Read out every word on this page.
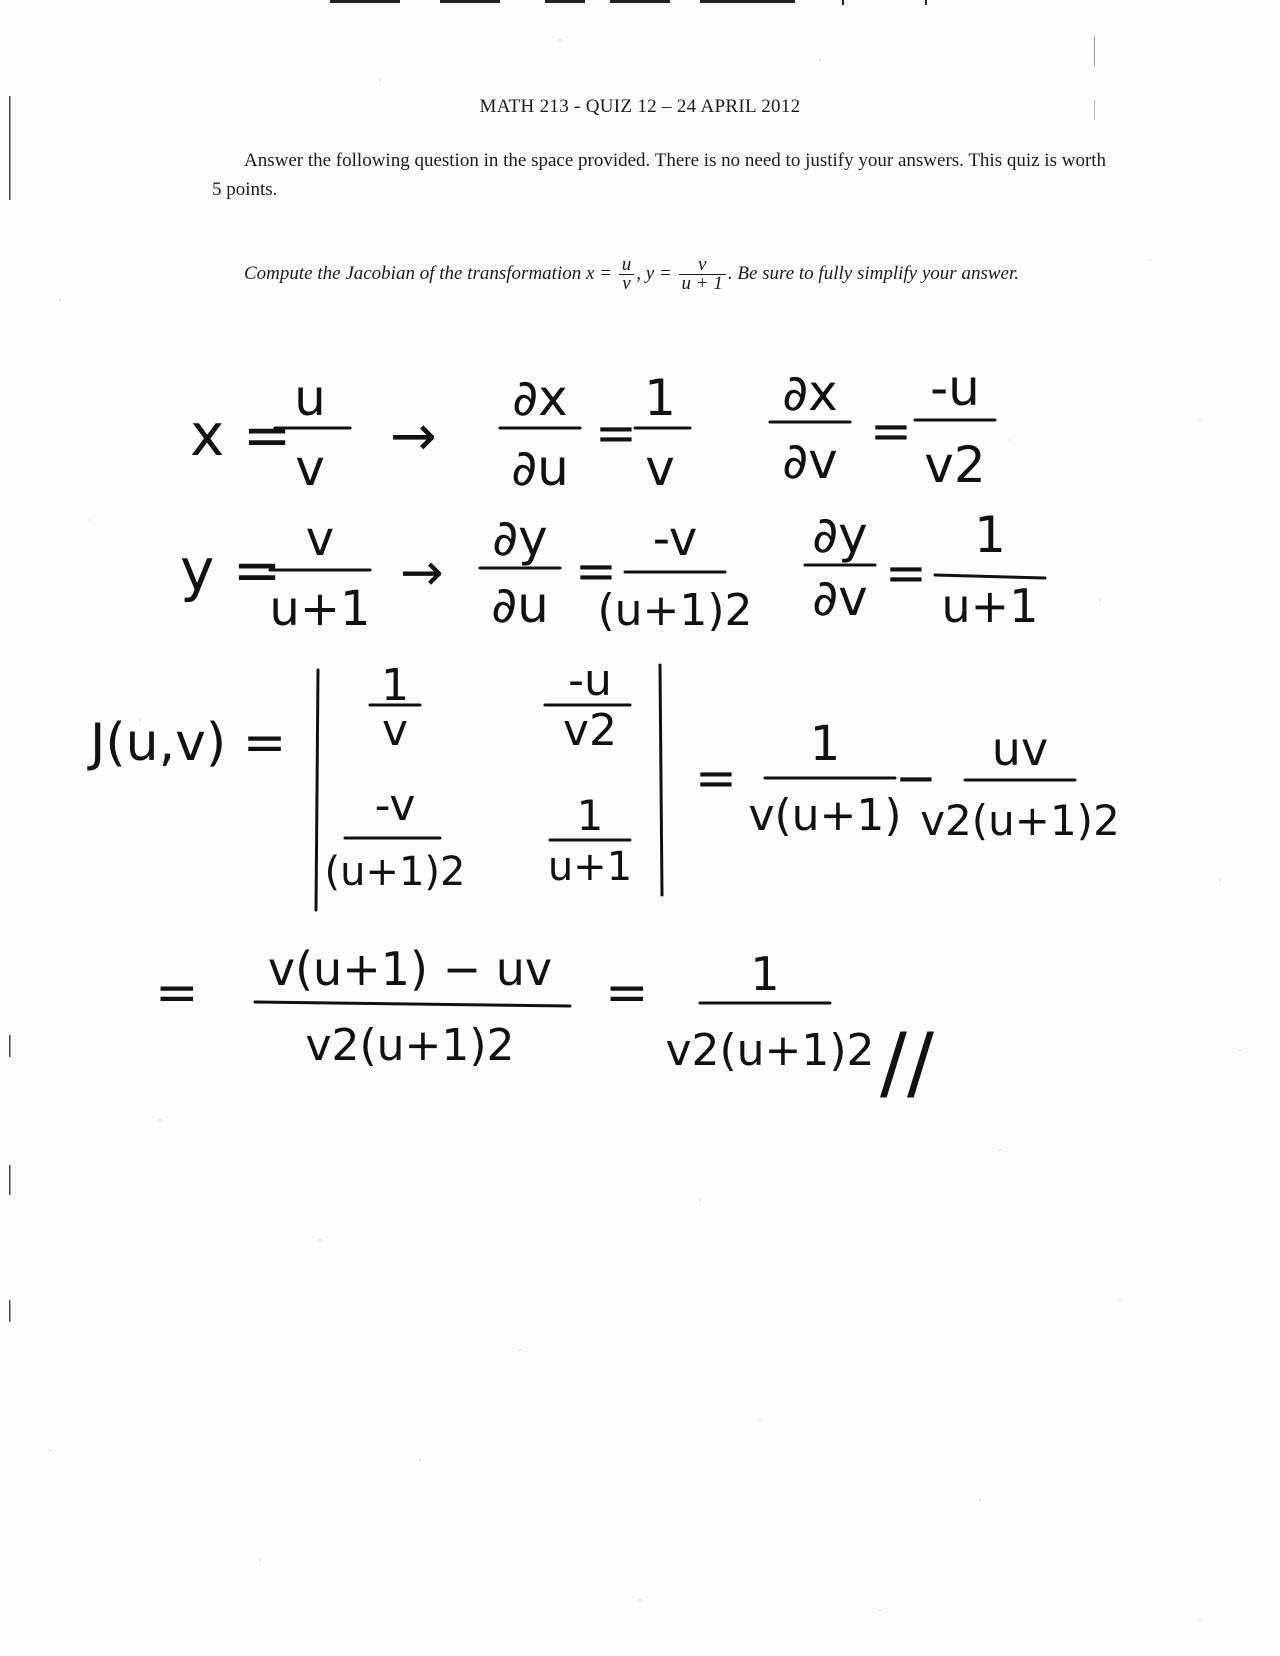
MATH 213 - QUIZ 12 – 24 APRIL 2012
Answer the following question in the space provided. There is no need to justify your answers. This quiz is worth 5 points.
Compute the Jacobian of the transformation $x = \frac{u}{v}$ , $y = \frac{v}{u + 1}$ . Be sure to fully simplify your answer.
x =
u
v →
∂x
∂u
=
1
v
∂x
∂v
=
-u
v2
y = v
u+1
→
∂y
∂u
=
-v
(u+1)2
∂y
∂v =
1
u+1
J(u,v) =
1
v
-u
v2
-v
(u+1)2
1
u+1
=
1
v(u+1)
− uv
v2(u+1)2
= v(u+1) − uv
v2(u+1)2
= 1
v2(u+1)2 //
